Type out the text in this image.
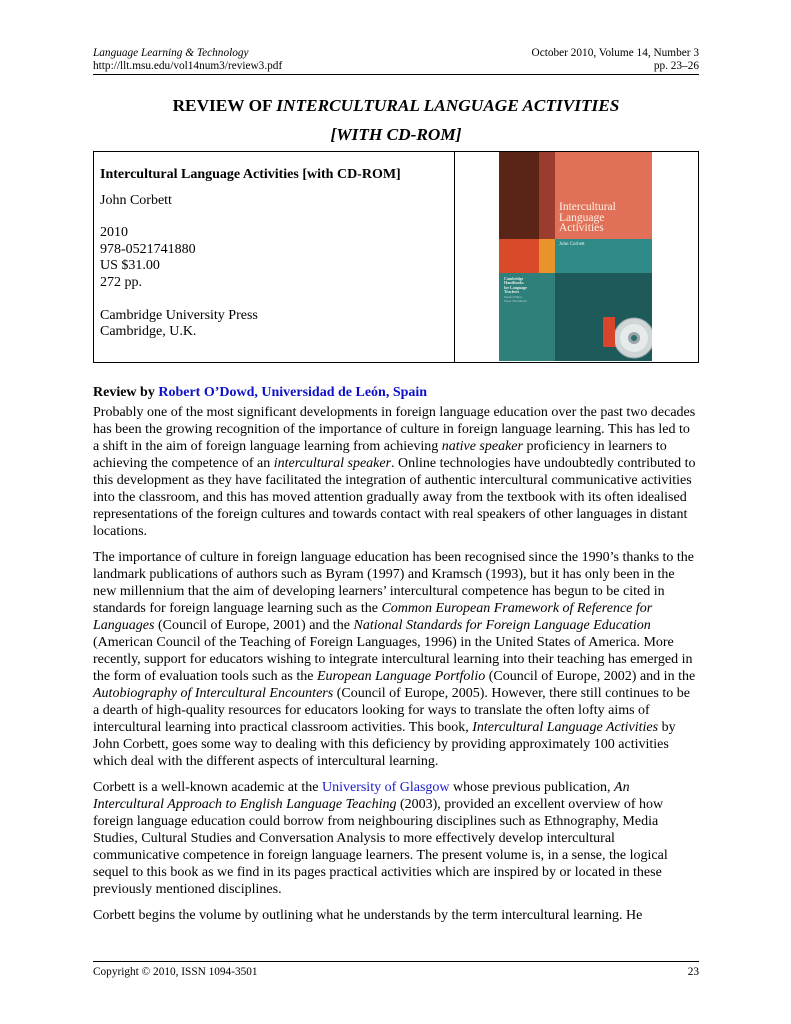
Language Learning & Technology
http://llt.msu.edu/vol14num3/review3.pdf
October 2010, Volume 14, Number 3
pp. 23–26
REVIEW OF INTERCULTURAL LANGUAGE ACTIVITIES
[WITH CD-ROM]

Intercultural Language Activities [with CD-ROM]

John Corbett

2010

978-0521741880

US $31.00

272 pp.

Cambridge University Press

Cambridge, U.K.

Intercultural
Language
Activities
John Corbett
Cambridge
Handbooks
for Language
Teachers
Series Editor
Scott Thornbury

Review by Robert O’Dowd, Universidad de León, Spain

Probably one of the most significant developments in foreign language education over the past two decades has been the growing recognition of the importance of culture in foreign language learning. This has led to a shift in the aim of foreign language learning from achieving native speaker proficiency in learners to achieving the competence of an intercultural speaker. Online technologies have undoubtedly contributed to this development as they have facilitated the integration of authentic intercultural communicative activities into the classroom, and this has moved attention gradually away from the textbook with its often idealised representations of the foreign cultures and towards contact with real speakers of other languages in distant locations.

The importance of culture in foreign language education has been recognised since the 1990’s thanks to the landmark publications of authors such as Byram (1997) and Kramsch (1993), but it has only been in the new millennium that the aim of developing learners’ intercultural competence has begun to be cited in standards for foreign language learning such as the Common European Framework of Reference for Languages (Council of Europe, 2001) and the National Standards for Foreign Language Education (American Council of the Teaching of Foreign Languages, 1996) in the United States of America. More recently, support for educators wishing to integrate intercultural learning into their teaching has emerged in the form of evaluation tools such as the European Language Portfolio (Council of Europe, 2002) and in the Autobiography of Intercultural Encounters (Council of Europe, 2005). However, there still continues to be a dearth of high-quality resources for educators looking for ways to translate the often lofty aims of intercultural learning into practical classroom activities. This book, Intercultural Language Activities by John Corbett, goes some way to dealing with this deficiency by providing approximately 100 activities which deal with the different aspects of intercultural learning.

Corbett is a well-known academic at the University of Glasgow whose previous publication, An Intercultural Approach to English Language Teaching (2003), provided an excellent overview of how foreign language education could borrow from neighbouring disciplines such as Ethnography, Media Studies, Cultural Studies and Conversation Analysis to more effectively develop intercultural communicative competence in foreign language learners. The present volume is, in a sense, the logical sequel to this book as we find in its pages practical activities which are inspired by or located in these previously mentioned disciplines.

Corbett begins the volume by outlining what he understands by the term intercultural learning. He

Copyright © 2010, ISSN 1094-3501	23
